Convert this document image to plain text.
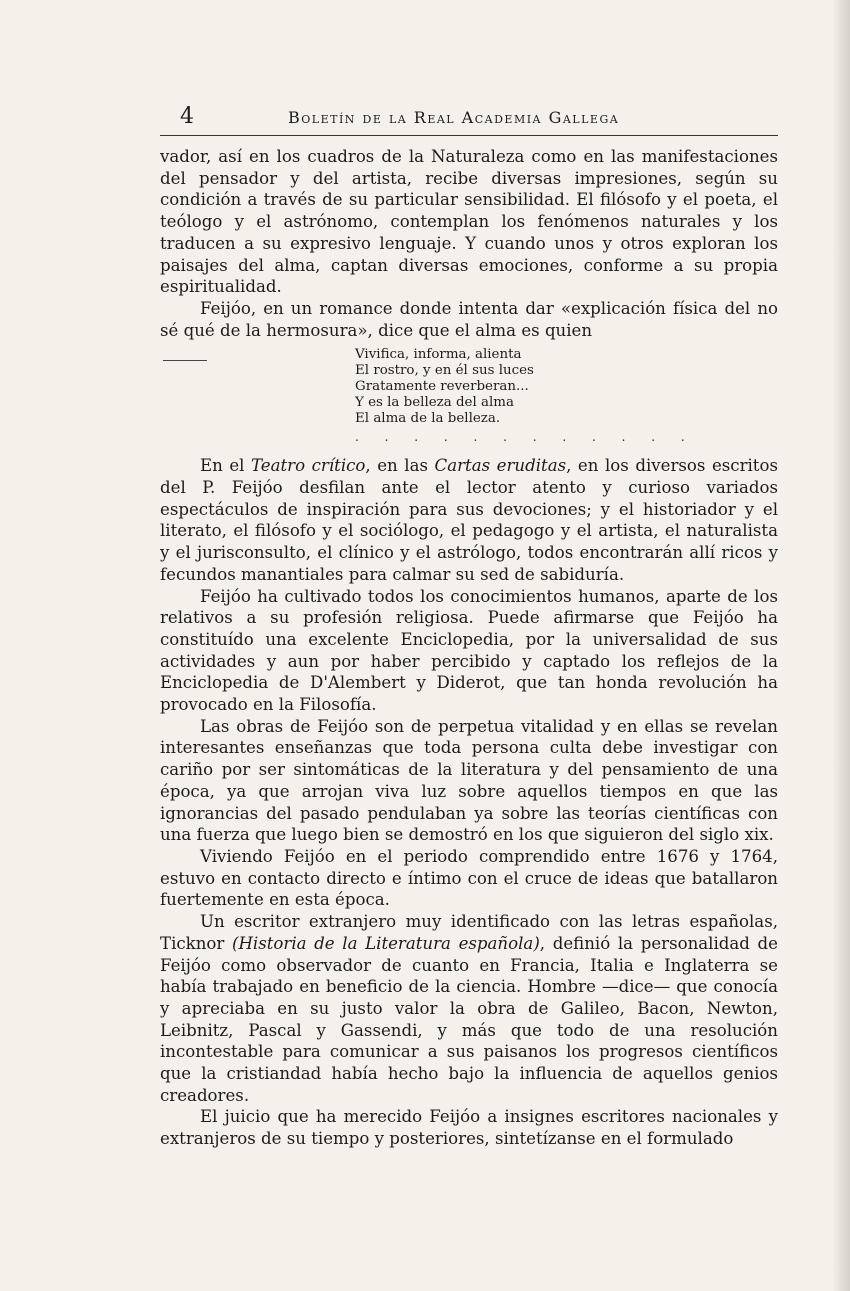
4	Boletín de la Real Academia Gallega

vador, así en los cuadros de la Naturaleza como en las manifestaciones del pensador y del artista, recibe diversas impresiones, según su condición a través de su particular sensibilidad. El filósofo y el poeta, el teólogo y el astrónomo, contemplan los fenómenos naturales y los traducen a su expresivo lenguaje. Y cuando unos y otros exploran los paisajes del alma, captan diversas emociones, conforme a su propia espiritualidad.

Feijóo, en un romance donde intenta dar «explicación física del no sé qué de la hermosura», dice que el alma es quien

Vivifica, informa, alienta
El rostro, y en él sus luces
Gratamente reverberan...
Y es la belleza del alma
El alma de la belleza.
. . . . . . . . . . . .

En el Teatro crítico, en las Cartas eruditas, en los diversos escritos del P. Feijóo desfilan ante el lector atento y curioso variados espectáculos de inspiración para sus devociones; y el historiador y el literato, el filósofo y el sociólogo, el pedagogo y el artista, el naturalista y el jurisconsulto, el clínico y el astrólogo, todos encontrarán allí ricos y fecundos manantiales para calmar su sed de sabiduría.

Feijóo ha cultivado todos los conocimientos humanos, aparte de los relativos a su profesión religiosa. Puede afirmarse que Feijóo ha constituído una excelente Enciclopedia, por la universalidad de sus actividades y aun por haber percibido y captado los reflejos de la Enciclopedia de D'Alembert y Diderot, que tan honda revolución ha provocado en la Filosofía.

Las obras de Feijóo son de perpetua vitalidad y en ellas se revelan interesantes enseñanzas que toda persona culta debe investigar con cariño por ser sintomáticas de la literatura y del pensamiento de una época, ya que arrojan viva luz sobre aquellos tiempos en que las ignorancias del pasado pendulaban ya sobre las teorías científicas con una fuerza que luego bien se demostró en los que siguieron del siglo xix.

Viviendo Feijóo en el periodo comprendido entre 1676 y 1764, estuvo en contacto directo e íntimo con el cruce de ideas que batallaron fuertemente en esta época.

Un escritor extranjero muy identificado con las letras españolas, Ticknor (Historia de la Literatura española), definió la personalidad de Feijóo como observador de cuanto en Francia, Italia e Inglaterra se había trabajado en beneficio de la ciencia. Hombre —dice— que conocía y apreciaba en su justo valor la obra de Galileo, Bacon, Newton, Leibnitz, Pascal y Gassendi, y más que todo de una resolución incontestable para comunicar a sus paisanos los progresos científicos que la cristiandad había hecho bajo la influencia de aquellos genios creadores.

El juicio que ha merecido Feijóo a insignes escritores nacionales y extranjeros de su tiempo y posteriores, sintetízanse en el formulado
